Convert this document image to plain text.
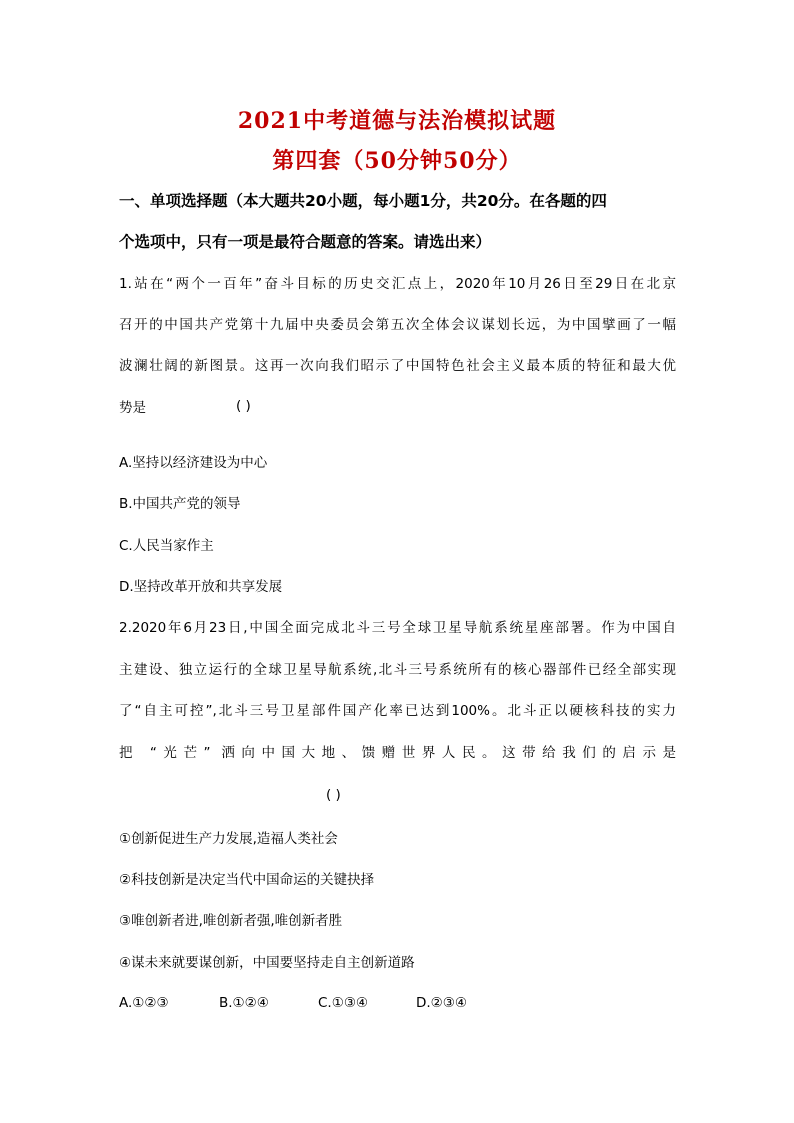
2021中考道德与法治模拟试题
第四套（50分钟50分）
一、单项选择题（本大题共20小题，每小题1分，共20分。在各题的四
个选项中，只有一项是最符合题意的答案。请选出来）
1.站在“两个一百年”奋斗目标的历史交汇点上，2020年10月26日至29日在北京
召开的中国共产党第十九届中央委员会第五次全体会议谋划长远，为中国擘画了一幅
波澜壮阔的新图景。这再一次向我们昭示了中国特色社会主义最本质的特征和最大优
势是	( )
A.坚持以经济建设为中心
B.中国共产党的领导
C.人民当家作主
D.坚持改革开放和共享发展
2.2020年6月23日,中国全面完成北斗三号全球卫星导航系统星座部署。作为中国自
主建设、独立运行的全球卫星导航系统,北斗三号系统所有的核心器部件已经全部实现
了“自主可控”,北斗三号卫星部件国产化率已达到100%。北斗正以硬核科技的实力
把 “光芒” 洒向中国大地、馈赠世界人民。这带给我们的启示是
( )
①创新促进生产力发展,造福人类社会
②科技创新是决定当代中国命运的关键抉择
③唯创新者进,唯创新者强,唯创新者胜
④谋未来就要谋创新，中国要坚持走自主创新道路
A.①②③	B.①②④	C.①③④	D.②③④
